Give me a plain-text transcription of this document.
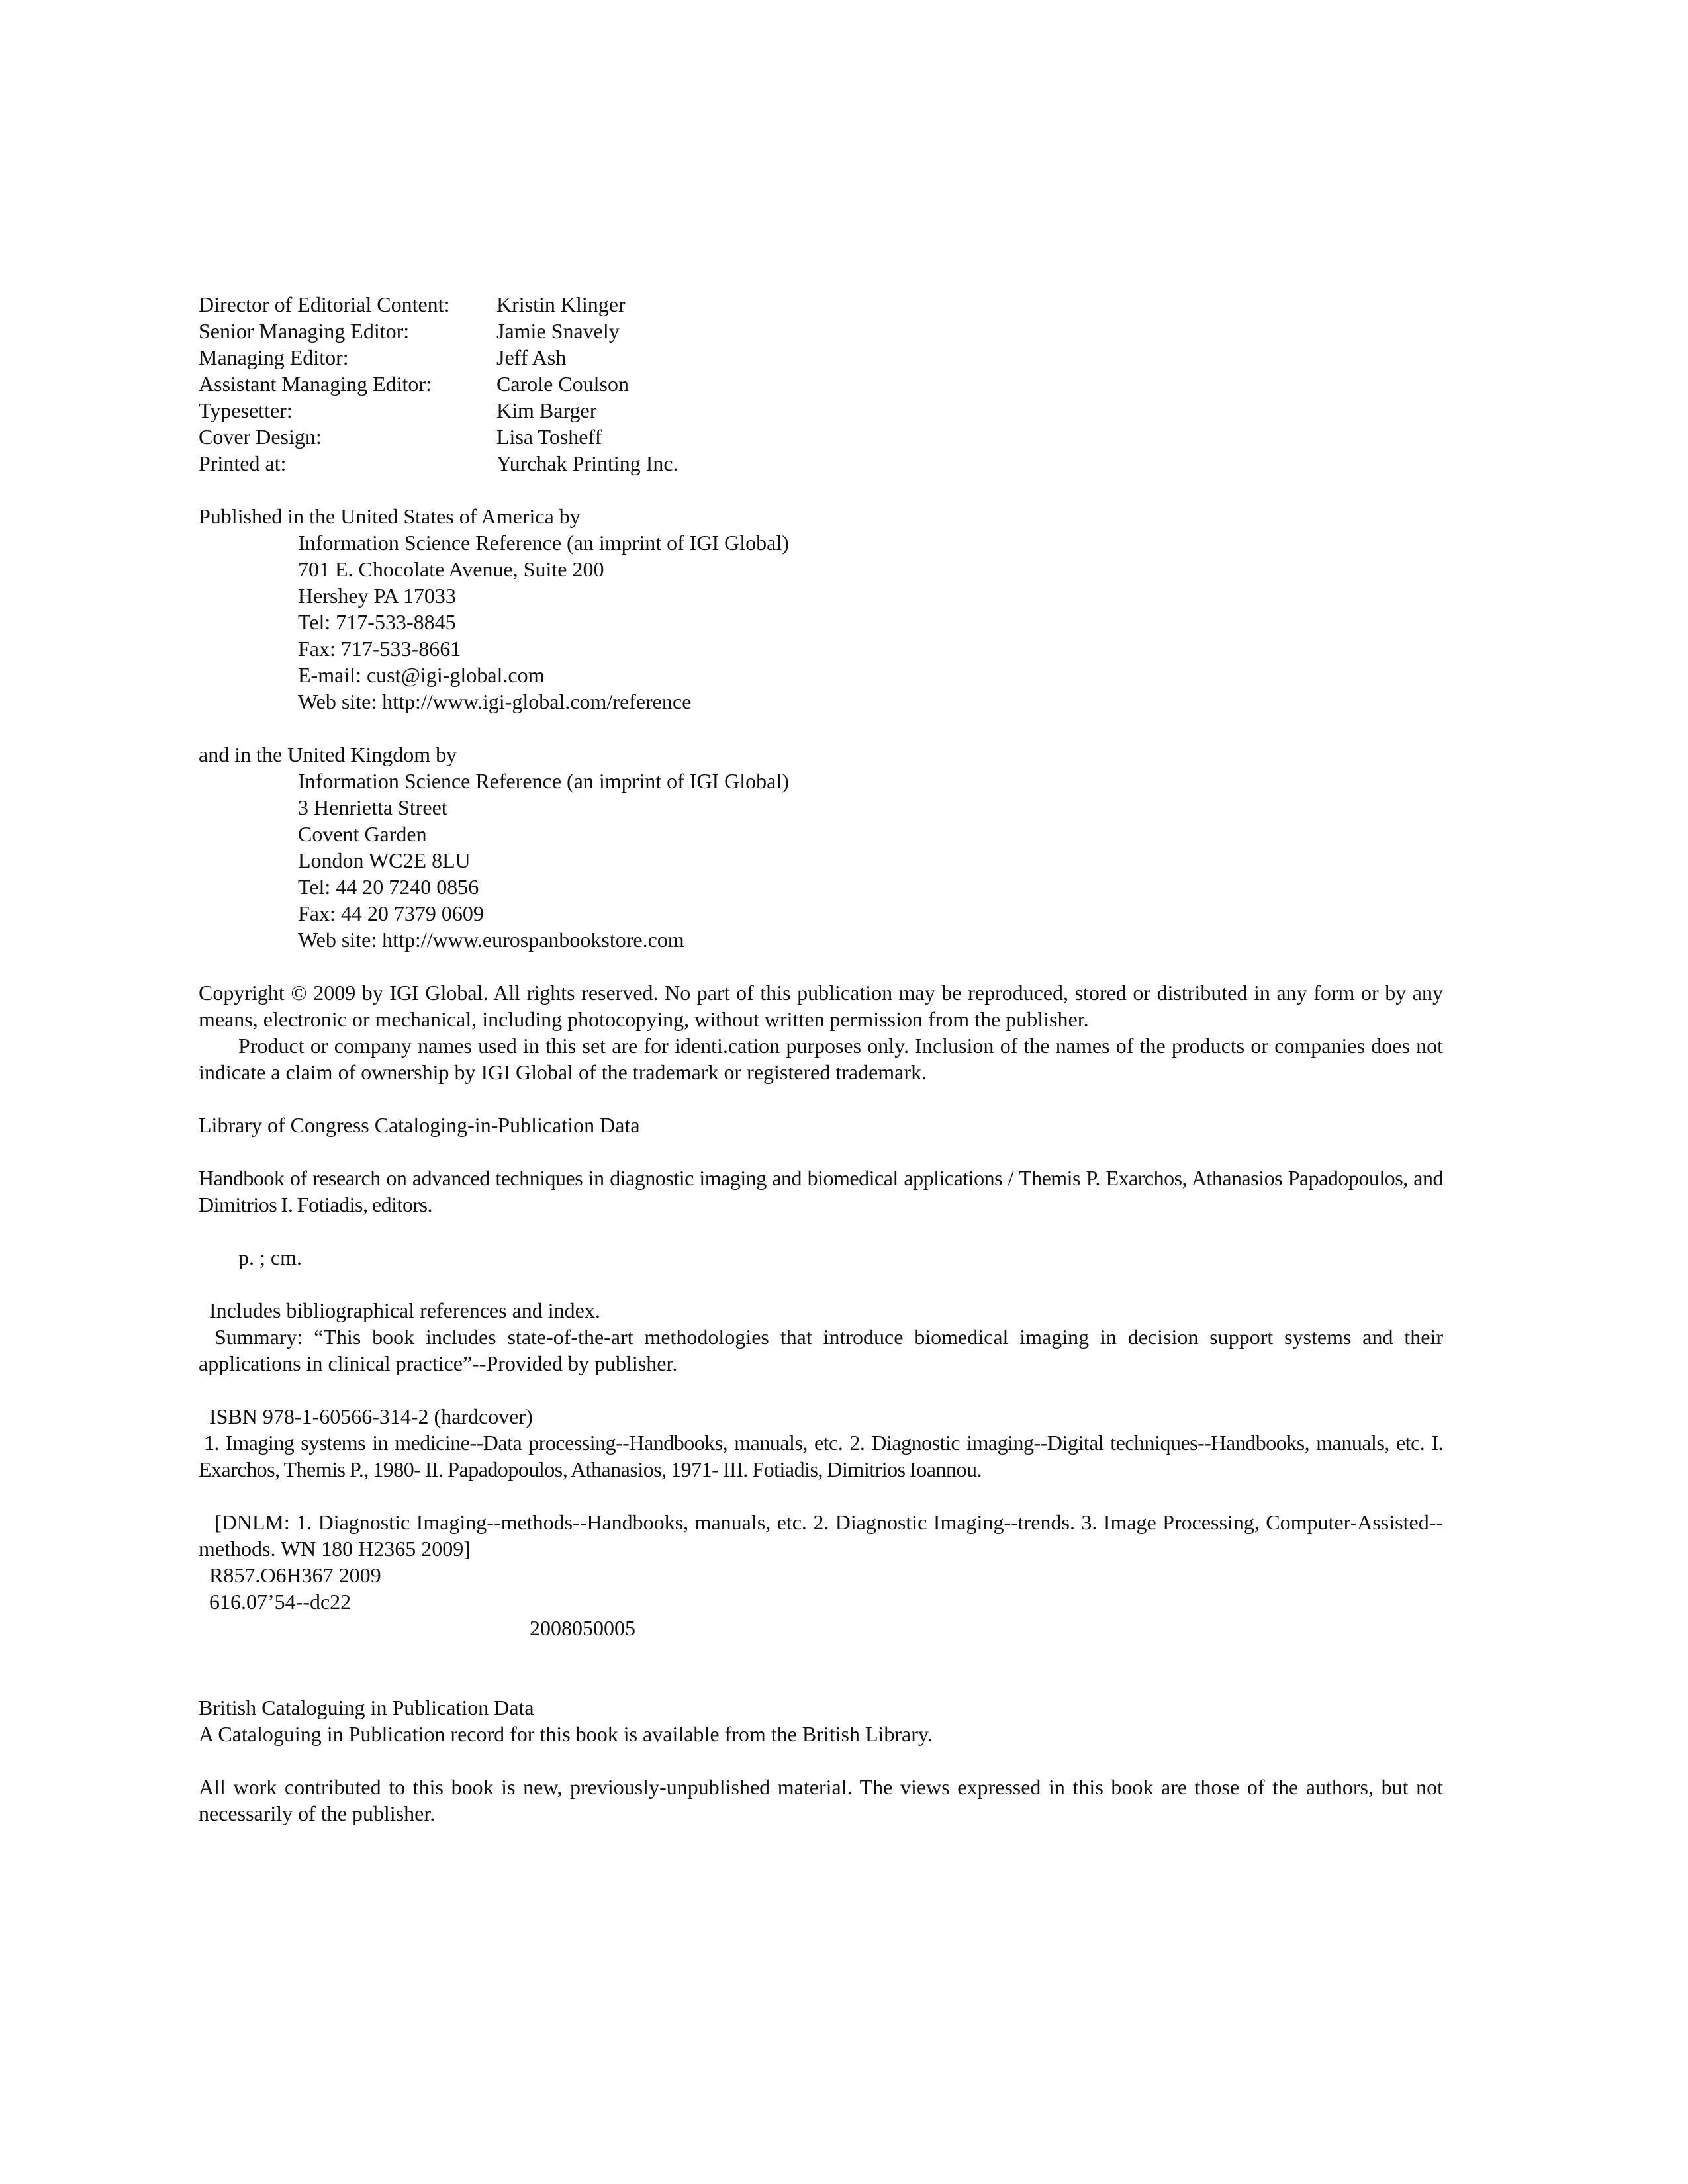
Director of Editorial Content:	Kristin Klinger
Senior Managing Editor:	Jamie Snavely
Managing Editor:	Jeff Ash
Assistant Managing Editor:	Carole Coulson
Typesetter:	Kim Barger
Cover Design:	Lisa Tosheff
Printed at:	Yurchak Printing Inc.
Published in the United States of America by
Information Science Reference (an imprint of IGI Global)
701 E. Chocolate Avenue, Suite 200
Hershey PA 17033
Tel: 717-533-8845
Fax: 717-533-8661
E-mail: cust@igi-global.com
Web site: http://www.igi-global.com/reference
and in the United Kingdom by
Information Science Reference (an imprint of IGI Global)
3 Henrietta Street
Covent Garden
London WC2E 8LU
Tel: 44 20 7240 0856
Fax: 44 20 7379 0609
Web site: http://www.eurospanbookstore.com
Copyright © 2009 by IGI Global. All rights reserved. No part of this publication may be reproduced, stored or distributed in any form or by any means, electronic or mechanical, including photocopying, without written permission from the publisher.
Product or company names used in this set are for identi.cation purposes only. Inclusion of the names of the products or companies does not indicate a claim of ownership by IGI Global of the trademark or registered trademark.
Library of Congress Cataloging-in-Publication Data
Handbook of research on advanced techniques in diagnostic imaging and biomedical applications / Themis P. Exarchos, Athanasios Papadopoulos, and Dimitrios I. Fotiadis, editors.
p. ; cm.
Includes bibliographical references and index.
Summary: “This book includes state-of-the-art methodologies that introduce biomedical imaging in decision support systems and their applications in clinical practice”--Provided by publisher.
ISBN 978-1-60566-314-2 (hardcover)
1. Imaging systems in medicine--Data processing--Handbooks, manuals, etc. 2. Diagnostic imaging--Digital techniques--Handbooks, manuals, etc. I. Exarchos, Themis P., 1980- II. Papadopoulos, Athanasios, 1971- III. Fotiadis, Dimitrios Ioannou.
[DNLM: 1. Diagnostic Imaging--methods--Handbooks, manuals, etc. 2. Diagnostic Imaging--trends. 3. Image Processing, Computer-Assisted--methods. WN 180 H2365 2009]
R857.O6H367 2009
616.07’54--dc22
2008050005
British Cataloguing in Publication Data
A Cataloguing in Publication record for this book is available from the British Library.
All work contributed to this book is new, previously-unpublished material. The views expressed in this book are those of the authors, but not necessarily of the publisher.
